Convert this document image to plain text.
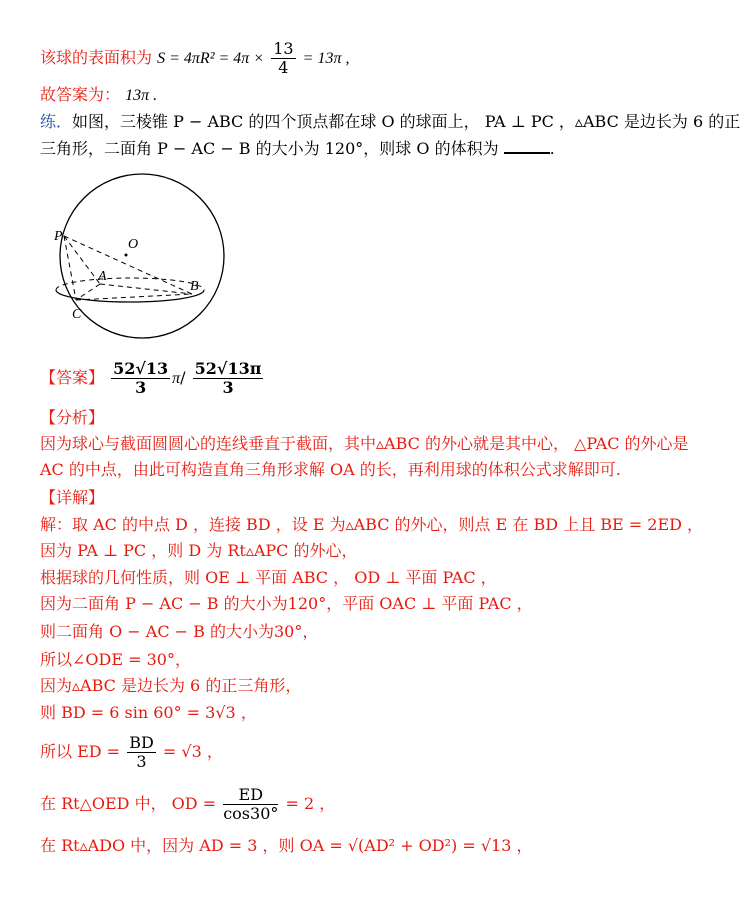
该球的表面积为 $S = 4\pi R^2 = 4\pi \times \frac{13}{4} = 13\pi$ ,
故答案为： 13π .
练．如图，三棱锥 P − ABC 的四个顶点都在球 O 的球面上， PA ⊥ PC ，▵ABC 是边长为 6 的正
三角形，二面角 P − AC − B 的大小为 120°，则球 O 的体积为	.
P
O
A
B
C
【答案】 $\frac{52√13}{3} \pi/ \frac{52√13\pi}{3}$
【分析】
因为球心与截面圆圆心的连线垂直于截面，其中▵ABC 的外心就是其中心， △PAC 的外心是
AC 的中点，由此可构造直角三角形求解 OA 的长，再利用球的体积公式求解即可.
【详解】
解：取 AC 的中点 D ，连接 BD ，设 E 为▵ABC 的外心，则点 E 在 BD 上且 BE = 2ED ，
因为 PA ⊥ PC ，则 D 为 Rt▵APC 的外心，
根据球的几何性质，则 OE ⊥ 平面 ABC ， OD ⊥ 平面 PAC ，
因为二面角 P − AC − B 的大小为120°，平面 OAC ⊥ 平面 PAC ，
则二面角 O − AC − B 的大小为30°，
所以∠ODE = 30°，
因为▵ABC 是边长为 6 的正三角形，
则 BD = 6 sin 60° = 3√3 ，
所以 ED = $\frac{BD}{3} = √3$ ，
在 Rt△OED 中， OD = $\frac{ED}{\cos 30^\circ} = 2$ ，
在 Rt▵ADO 中，因为 AD = 3 ，则 OA = √(AD² + OD²) = √13 ，
